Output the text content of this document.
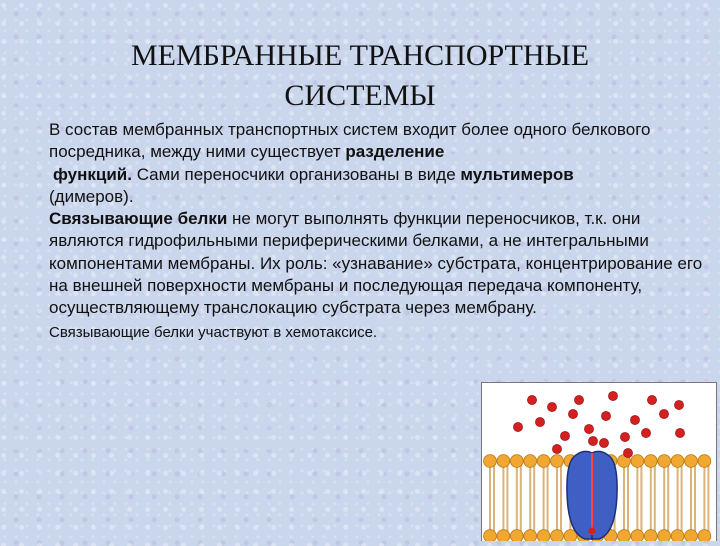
МЕМБРАННЫЕ ТРАНСПОРТНЫЕ
СИСТЕМЫ

В состав мембранных транспортных систем входит более одного белкового посредника, между ними существует разделение
функций. Сами переносчики организованы в виде мультимеров
(димеров).

Связывающие белки не могут выполнять функции переносчиков, т.к. они являются гидрофильными периферическими белками, а не интегральными компонентами мембраны. Их роль: «узнавание» субстрата, концентрирование его на внешней поверхности мембраны и последующая передача компоненту, осуществляющему транслокацию субстрата через мембрану.

Связывающие белки участвуют в хемотаксисе.
